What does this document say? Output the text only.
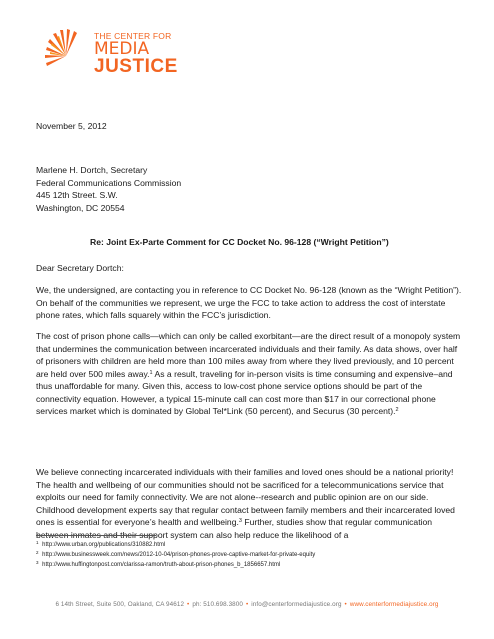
THE CENTER FOR
MEDIA
JUSTICE
November 5, 2012
Marlene H. Dortch, Secretary
Federal Communications Commission
445 12th Street. S.W.
Washington, DC 20554
Re: Joint Ex-Parte Comment for CC Docket No. 96-128 (“Wright Petition”)
Dear Secretary Dortch:
We, the undersigned, are contacting you in reference to CC Docket No. 96-128 (known as the “Wright Petition”). On behalf of the communities we represent, we urge the FCC to take action to address the cost of interstate phone rates, which falls squarely within the FCC’s jurisdiction.
The cost of prison phone calls—which can only be called exorbitant—are the direct result of a monopoly system that undermines the communication between incarcerated individuals and their family. As data shows, over half of prisoners with children are held more than 100 miles away from where they lived previously, and 10 percent are held over 500 miles away.$^1$ As a result, traveling for in-person visits is time consuming and expensive–and thus unaffordable for many. Given this, access to low-cost phone service options should be part of the connectivity equation. However, a typical 15-minute call can cost more than $17 in our correctional phone services market which is dominated by Global Tel*Link (50 percent), and Securus (30 percent).$^2$
We believe connecting incarcerated individuals with their families and loved ones should be a national priority! The health and wellbeing of our communities should not be sacrificed for a telecommunications service that exploits our need for family connectivity. We are not alone--research and public opinion are on our side. Childhood development experts say that regular contact between family members and their incarcerated loved ones is essential for everyone’s health and wellbeing.$^3$ Further, studies show that regular communication between inmates and their support system can also help reduce the likelihood of a
$^1$ http://www.urban.org/publications/310882.html
$^2$ http://www.businessweek.com/news/2012-10-04/prison-phones-prove-captive-market-for-private-equity
$^3$ http://www.huffingtonpost.com/clarissa-ramon/truth-about-prison-phones_b_1856657.html
6 14th Street, Suite 500, Oakland, CA 94612 • ph: 510.698.3800 • info@centerformediajustice.org • www.centerformediajustice.org
